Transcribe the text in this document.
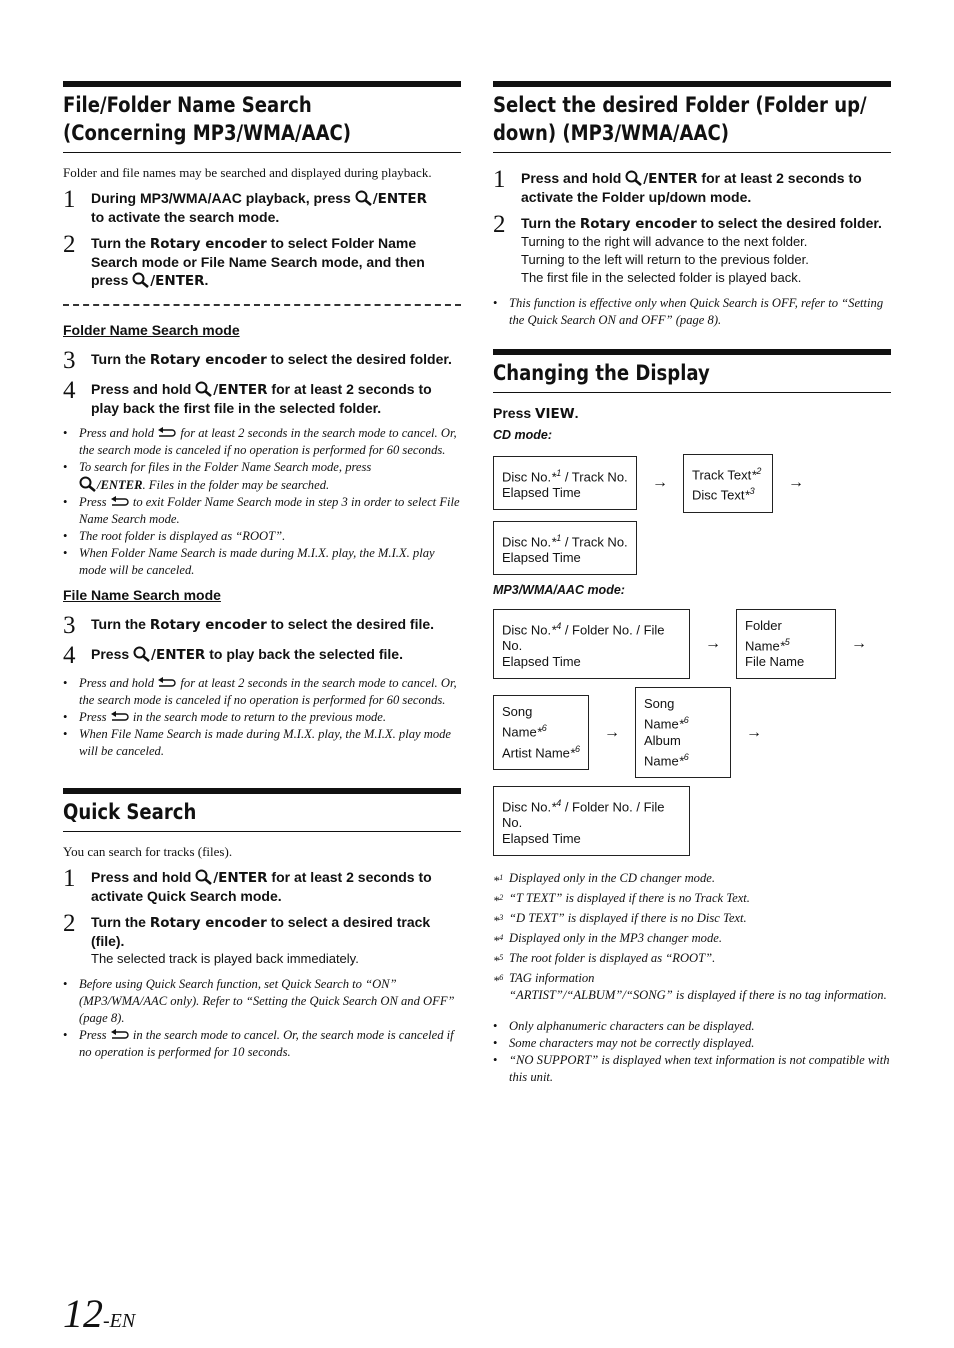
File/Folder Name Search
(Concerning MP3/WMA/AAC)

Folder and file names may be searched and displayed during playback.

1	During MP3/WMA/AAC playback, press /ENTER
to activate the search mode.
2	Turn the Rotary encoder to select Folder Name Search mode or File Name Search mode, and then press /ENTER.
Folder Name Search mode
3	Turn the Rotary encoder to select the desired folder.
4	Press and hold /ENTER for at least 2 seconds to play back the first file in the selected folder.
• Press and hold  for at least 2 seconds in the search mode to cancel. Or, the search mode is canceled if no operation is performed for 60 seconds.
• To search for files in the Folder Name Search mode, press
/ENTER. Files in the folder may be searched.
• Press  to exit Folder Name Search mode in step 3 in order to select File Name Search mode.
• The root folder is displayed as “ROOT”.
• When Folder Name Search is made during M.I.X. play, the M.I.X. play mode will be canceled.
File Name Search mode
3	Turn the Rotary encoder to select the desired file.
4	Press /ENTER to play back the selected file.
• Press and hold  for at least 2 seconds in the search mode to cancel. Or, the search mode is canceled if no operation is performed for 60 seconds.
• Press  in the search mode to return to the previous mode.
• When File Name Search is made during M.I.X. play, the M.I.X. play mode will be canceled.
Quick Search

You can search for tracks (files).

1	Press and hold /ENTER for at least 2 seconds to activate Quick Search mode.
2	Turn the Rotary encoder to select a desired track (file).
The selected track is played back immediately.
• Before using Quick Search function, set Quick Search to “ON” (MP3/WMA/AAC only). Refer to “Setting the Quick Search ON and OFF” (page 8).
• Press  in the search mode to cancel. Or, the search mode is canceled if no operation is performed for 10 seconds.
Select the desired Folder (Folder up/
down) (MP3/WMA/AAC)
1	Press and hold /ENTER for at least 2 seconds to activate the Folder up/down mode.
2	Turn the Rotary encoder to select the desired folder.
Turning to the right will advance to the next folder.
Turning to the left will return to the previous folder.
The first file in the selected folder is played back.
• This function is effective only when Quick Search is OFF, refer to “Setting the Quick Search ON and OFF” (page 8).
Changing the Display
Press VIEW.
CD mode:
Disc No.*$^1$ / Track No.
Elapsed Time
→	Track Text*$^2$
Disc Text*$^3$	→
Disc No.*$^1$ / Track No.
Elapsed Time
MP3/WMA/AAC mode:
Disc No.*$^4$ / Folder No. / File No.
Elapsed Time
→
Folder Name*$^5$
File Name
→
Song Name*$^6$
Artist Name*$^6$
→
Song Name*$^6$
Album Name*$^6$
→
Disc No.*$^4$ / Folder No. / File No.
Elapsed Time
*$^1$ Displayed only in the CD changer mode.
*$^2$ “T TEXT” is displayed if there is no Track Text.
*$^3$ “D TEXT” is displayed if there is no Disc Text.
*$^4$ Displayed only in the MP3 changer mode.
*$^5$ The root folder is displayed as “ROOT”.
*$^6$ TAG information
“ARTIST”/“ALBUM”/“SONG” is displayed if there is no tag information.
• Only alphanumeric characters can be displayed.
• Some characters may not be correctly displayed.
• “NO SUPPORT” is displayed when text information is not compatible with this unit.
12-EN
